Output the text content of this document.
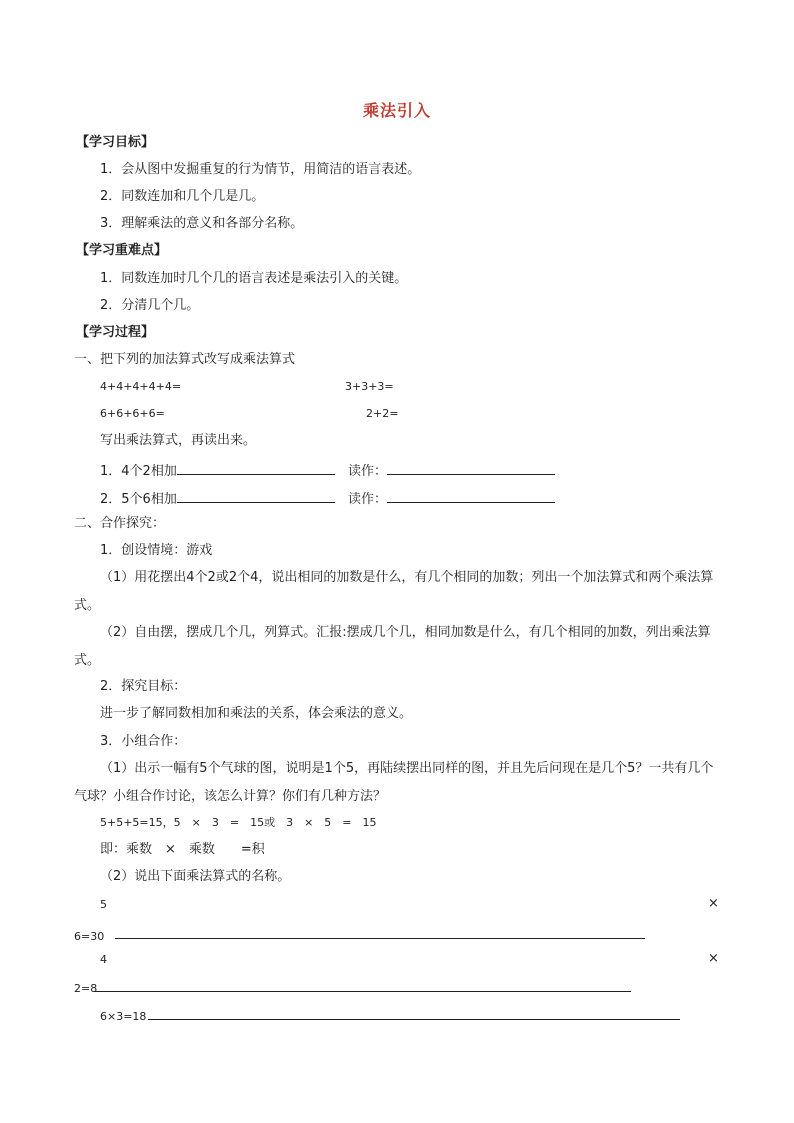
乘法引入
【学习目标】
1．会从图中发掘重复的行为情节，用简洁的语言表述。
2．同数连加和几个几是几。
3．理解乘法的意义和各部分名称。
【学习重难点】
1．同数连加时几个几的语言表述是乘法引入的关键。
2．分清几个几。
【学习过程】
一、把下列的加法算式改写成乘法算式
4+4+4+4+4=	3+3+3=
6+6+6+6=	2+2=
写出乘法算式，再读出来。
1．4个2相加	读作：
2．5个6相加	读作：
二、合作探究：
1．创设情境：游戏
（1）用花摆出4个2或2个4，说出相同的加数是什么，有几个相同的加数；列出一个加法算式和两个乘法算式。
（2）自由摆，摆成几个几，列算式。汇报:摆成几个几，相同加数是什么，有几个相同的加数，列出乘法算式。
2．探究目标：
进一步了解同数相加和乘法的关系，体会乘法的意义。
3．小组合作：
（1）出示一幅有5个气球的图，说明是1个5，再陆续摆出同样的图，并且先后问现在是几个5？一共有几个气球？小组合作讨论，该怎么计算？你们有几种方法？
5+5+5=15，5　×　3　=　15或　3　×　5　=　15
即：乘数　×　乘数　　=积
（2）说出下面乘法算式的名称。
5	×
6=30
4	×
2=8
6×3=18
